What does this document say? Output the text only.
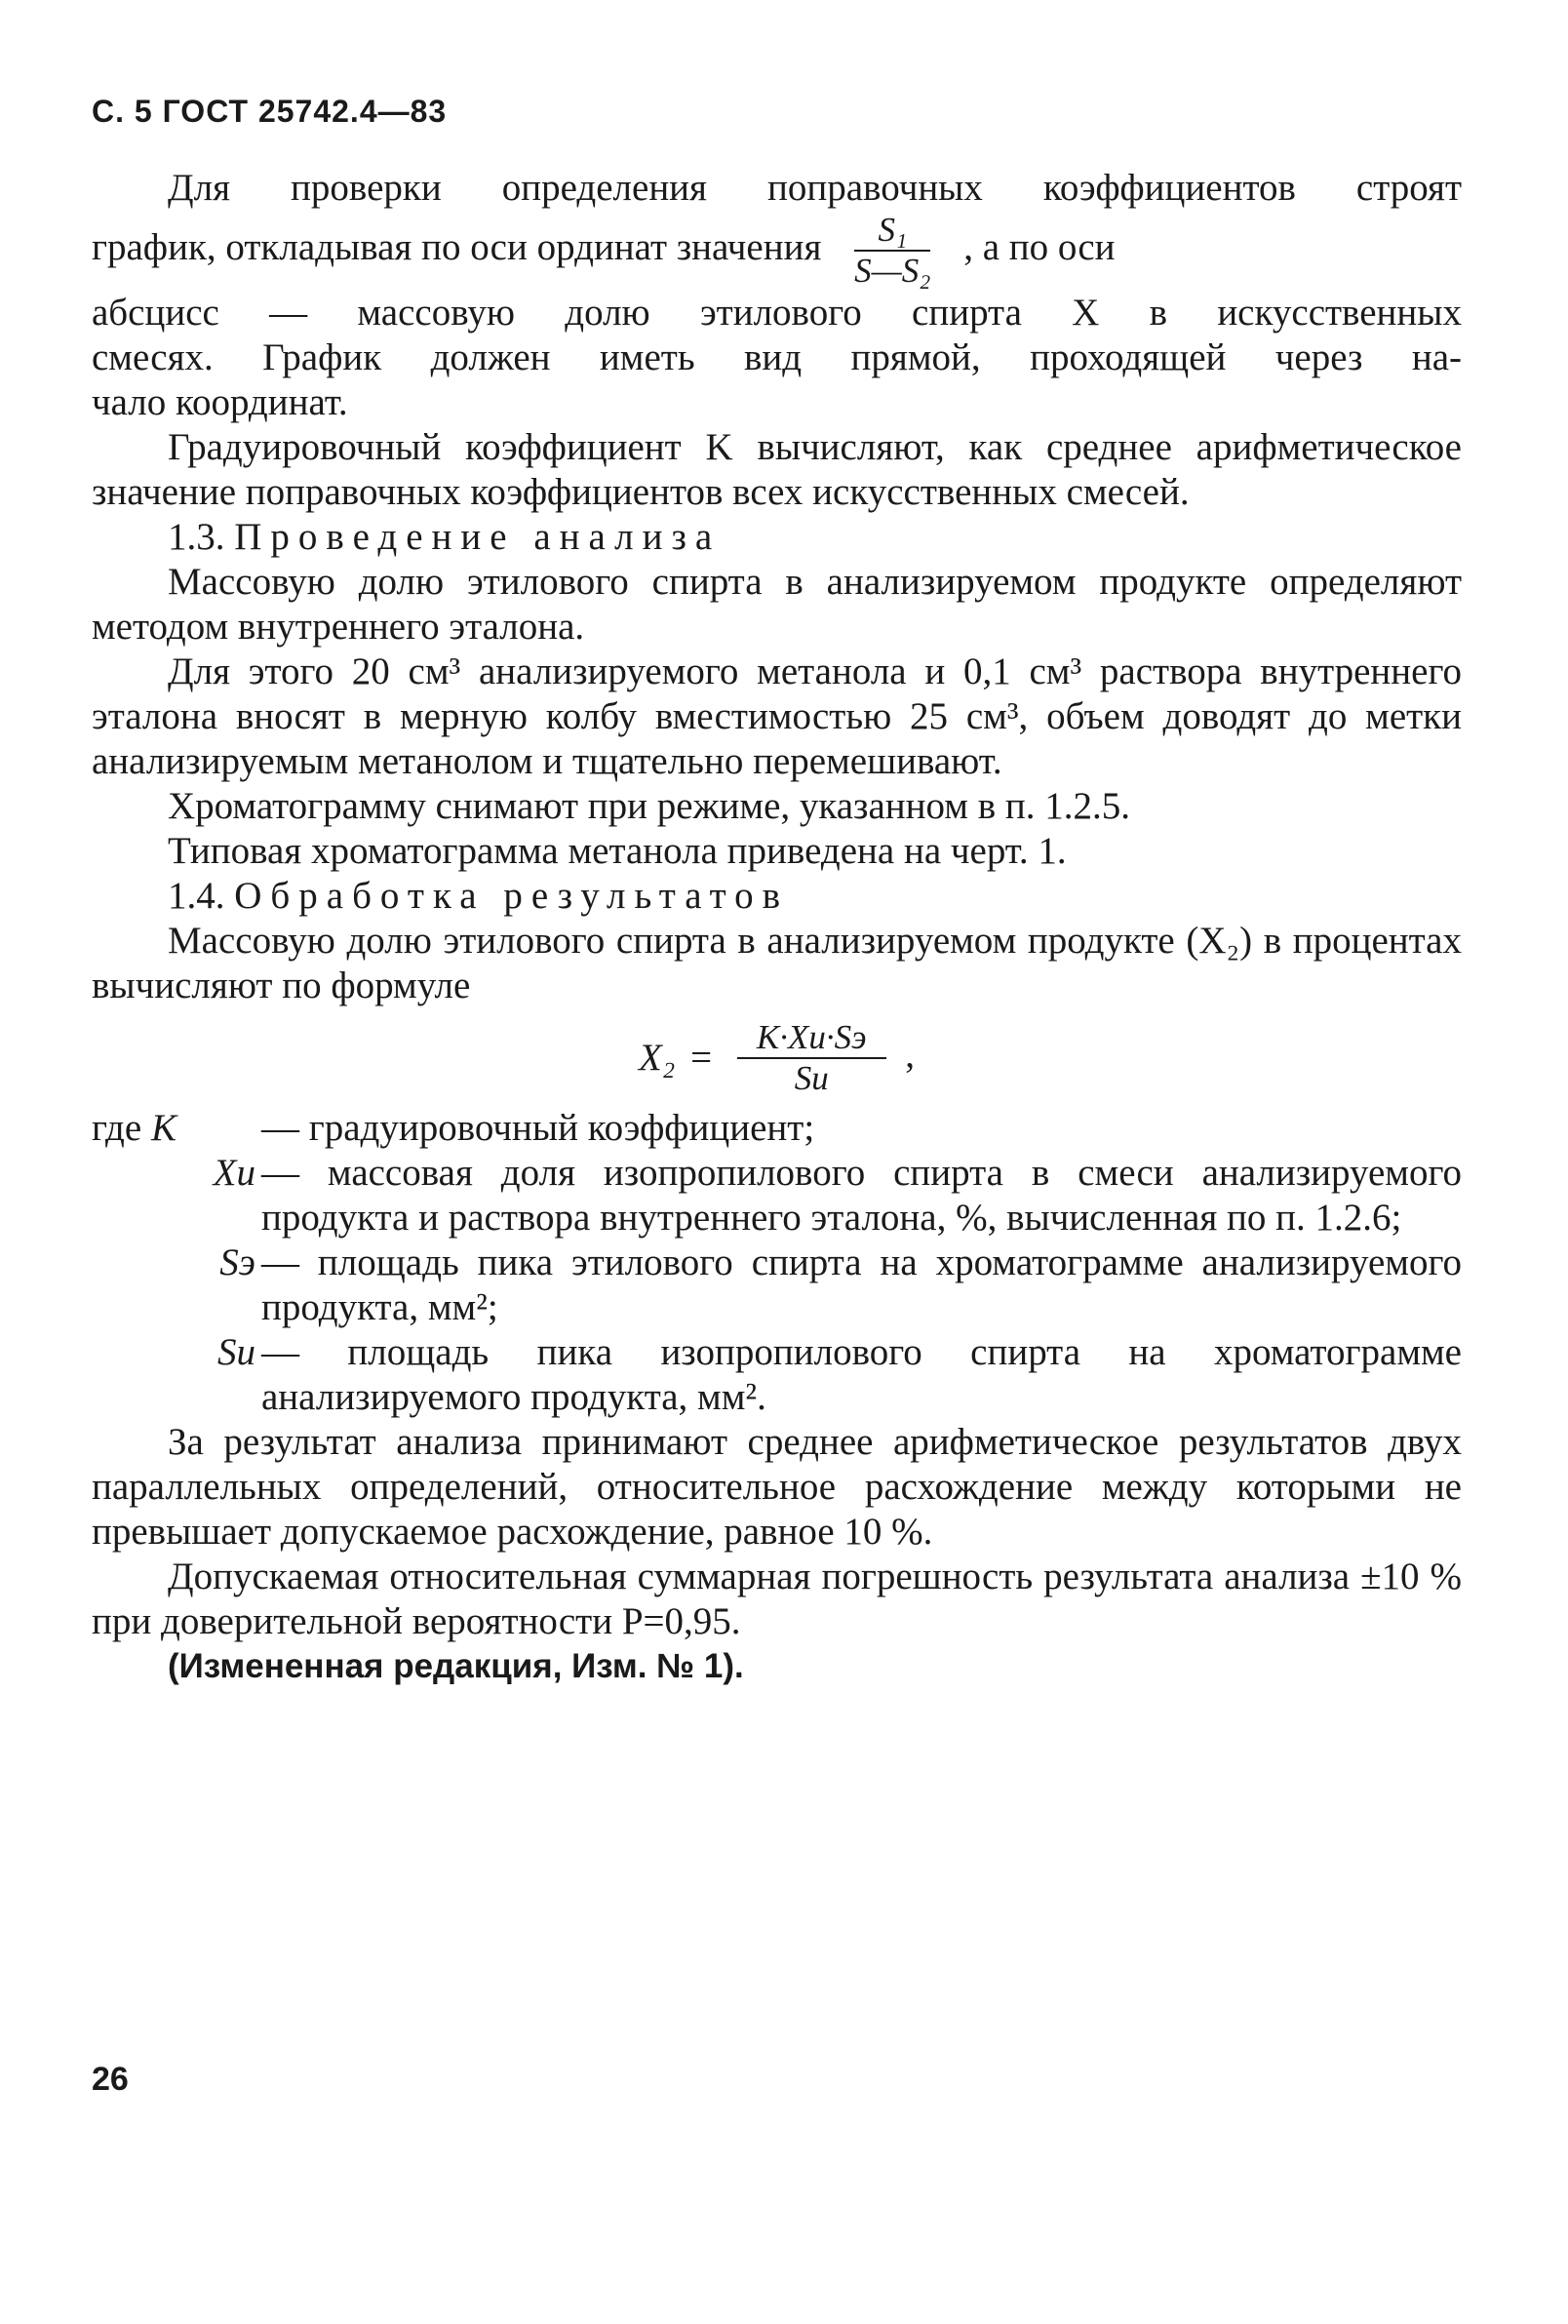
С. 5 ГОСТ 25742.4—83

Для проверки определения поправочных коэффициентов строят
график, откладывая по оси ординат значения $\frac{\text{S₁}}{\text{S—S₂}}$ , а по оси
абсцисс — массовую долю этилового спирта X в искусственных
смесях. График должен иметь вид прямой, проходящей через на-
чало координат.

Градуировочный коэффициент K вычисляют, как среднее арифметическое значение поправочных коэффициентов всех искусственных смесей.

1.3. Проведение анализа

Массовую долю этилового спирта в анализируемом продукте определяют методом внутреннего эталона.

Для этого 20 см³ анализируемого метанола и 0,1 см³ раствора внутреннего эталона вносят в мерную колбу вместимостью 25 см³, объем доводят до метки анализируемым метанолом и тщательно перемешивают.

Хроматограмму снимают при режиме, указанном в п. 1.2.5.

Типовая хроматограмма метанола приведена на черт. 1.

1.4. Обработка результатов

Массовую долю этилового спирта в анализируемом продукте (X₂) в процентах вычисляют по формуле

$X_2 = \frac{K\cdot Xи\cdot Sэ}{Sи}$ ,
где K	— градуировочный коэффициент;
Xи — массовая доля изопропилового спирта в смеси анализируемого продукта и раствора внутреннего эталона, %, вычисленная по п. 1.2.6;
Sэ — площадь пика этилового спирта на хроматограмме анализируемого продукта, мм²;
Sи — площадь пика изопропилового спирта на хроматограмме анализируемого продукта, мм².

За результат анализа принимают среднее арифметическое результатов двух параллельных определений, относительное расхождение между которыми не превышает допускаемое расхождение, равное 10 %.

Допускаемая относительная суммарная погрешность результата анализа ±10 % при доверительной вероятности P=0,95.

(Измененная редакция, Изм. № 1).

26
